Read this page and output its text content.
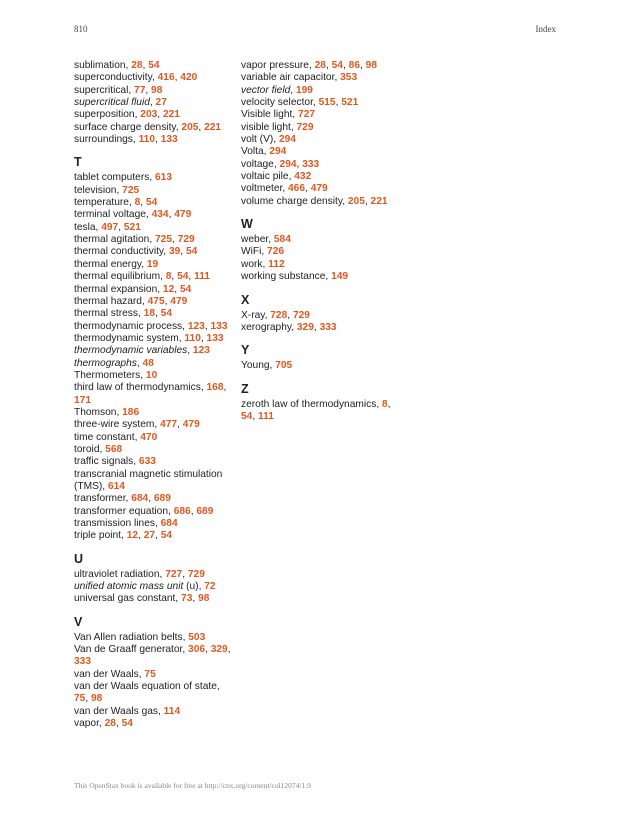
810	Index
sublimation, 28, 54
superconductivity, 416, 420
supercritical, 77, 98
supercritical fluid, 27
superposition, 203, 221
surface charge density, 205, 221
surroundings, 110, 133
T
tablet computers, 613
television, 725
temperature, 8, 54
terminal voltage, 434, 479
tesla, 497, 521
thermal agitation, 725, 729
thermal conductivity, 39, 54
thermal energy, 19
thermal equilibrium, 8, 54, 111
thermal expansion, 12, 54
thermal hazard, 475, 479
thermal stress, 18, 54
thermodynamic process, 123, 133
thermodynamic system, 110, 133
thermodynamic variables, 123
thermographs, 48
Thermometers, 10
third law of thermodynamics, 168, 171
Thomson, 186
three-wire system, 477, 479
time constant, 470
toroid, 568
traffic signals, 633
transcranial magnetic stimulation (TMS), 614
transformer, 684, 689
transformer equation, 686, 689
transmission lines, 684
triple point, 12, 27, 54
U
ultraviolet radiation, 727, 729
unified atomic mass unit (u), 72
universal gas constant, 73, 98
V
Van Allen radiation belts, 503
Van de Graaff generator, 306, 329, 333
van der Waals, 75
van der Waals equation of state, 75, 98
van der Waals gas, 114
vapor, 28, 54
vapor pressure, 28, 54, 86, 98
variable air capacitor, 353
vector field, 199
velocity selector, 515, 521
Visible light, 727
visible light, 729
volt (V), 294
Volta, 294
voltage, 294, 333
voltaic pile, 432
voltmeter, 466, 479
volume charge density, 205, 221
W
weber, 584
WiFi, 726
work, 112
working substance, 149
X
X-ray, 728, 729
xerography, 329, 333
Y
Young, 705
Z
zeroth law of thermodynamics, 8, 54, 111
This OpenStax book is available for free at http://cnx.org/content/col12074/1.9
